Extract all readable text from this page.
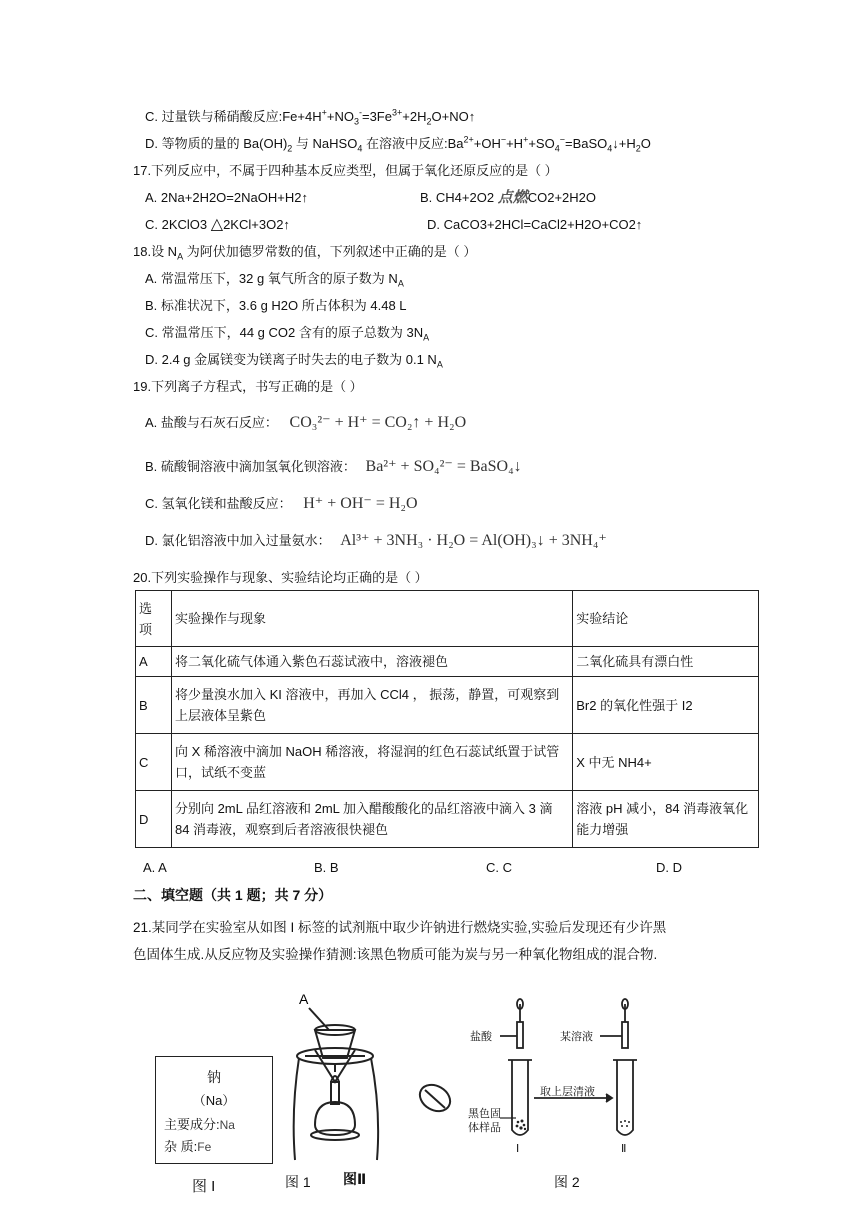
C. 过量铁与稀硝酸反应$:Fe+4H^++NO_3^-=3Fe^{3+}+2H_2O+NO↑$
D. 等物质的量的 $Ba(OH)_2$ 与 NaHSO$_4$ 在溶液中反应$:Ba^{2+}+OH^-+H^++SO_4^-=BaSO_4↓+H_2O$
17.下列反应中，不属于四种基本反应类型，但属于氧化还原反应的是（ ）
A. 2Na+2H2O=2NaOH+H2↑	B. CH4+2O2 点燃CO2+2H2O
C. 2KClO3 △2KCl+3O2↑	D. CaCO3+2HCl=CaCl2+H2O+CO2↑
18.设 $N_A$ 为阿伏加德罗常数的值，下列叙述中正确的是（ ）
A. 常温常压下，32 g 氧气所含的原子数为 $N_A$
B. 标准状况下，3.6 g H2O 所占体积为 4.48 L
C. 常温常压下，44 g CO2 含有的原子总数为 $3N_A$
D. 2.4 g 金属镁变为镁离子时失去的电子数为 0.1 $N_A$
19.下列离子方程式，书写正确的是（ ）
A. 盐酸与石灰石反应： CO₃²⁻ + H⁺ = CO₂↑ + H₂O
B. 硫酸铜溶液中滴加氢氧化钡溶液： Ba²⁺ + SO₄²⁻ = BaSO₄↓
C. 氢氧化镁和盐酸反应： H⁺ + OH⁻ = H₂O
D. 氯化铝溶液中加入过量氨水： Al³⁺ + 3NH₃ · H₂O = Al(OH)₃↓ + 3NH₄⁺
20.下列实验操作与现象、实验结论均正确的是（ ）
选
项	实验操作与现象	实验结论
A	将二氧化硫气体通入紫色石蕊试液中，溶液褪色	二氧化硫具有漂白性
B	将少量溴水加入 KI 溶液中，再加入 CCl4 ， 振荡，静置，可观察到上层液体呈紫色	Br2 的氧化性强于 I2
C	向 X 稀溶液中滴加 NaOH 稀溶液，将湿润的红色石蕊试纸置于试管口，试纸不变蓝	X 中无 NH4+
D	分别向 2mL 品红溶液和 2mL 加入醋酸酸化的品红溶液中滴入 3 滴 84 消毒液，观察到后者溶液很快褪色	溶液 pH 减小，84 消毒液氧化能力增强
A. A	B. B	C. C	D. D
二、填空题（共 1 题；共 7 分）
21.某同学在实验室从如图 I 标签的试剂瓶中取少许钠进行燃烧实验,实验后发现还有少许黑
色固体生成.从反应物及实验操作猜测:该黑色物质可能为炭与另一种氧化物组成的混合物.
钠
（Na）
主要成分:Na
杂 质:Fe
图 I
A
图 1 图Ⅱ
盐酸	某溶液
取上层清液
黑色固
体样品
Ⅰ	Ⅱ
图 2
